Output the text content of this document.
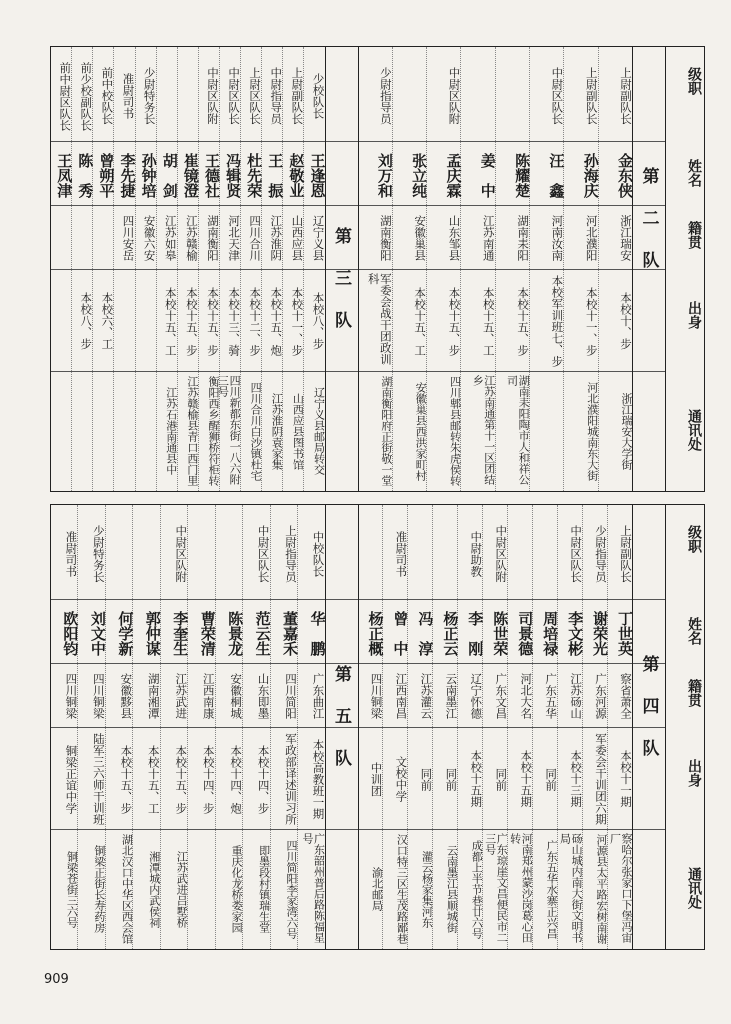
级职
姓名
籍贯
出身
通讯处
第　二　队
上尉副队长
金东侠
浙江瑞安
本校十、步
浙江瑞安大学街
上尉副队长
孙海庆
河北濮阳
本校十一、步
河北濮阳城南东大街
中尉区队长
汪　鑫
河南汝南
本校军训班七、步
陈耀楚
湖南耒阳
本校十五、步
湖南耒阳陶市人和祥公司
姜　中
江苏南通
本校十五、工
江苏南通第十一区团结乡
中尉区队附
孟庆霖
山东邹县
本校十五、步
四川郫县邮转朱虎侯转
张立纯
安徽巢县
本校十五、工
安徽巢县西洪家町村
少尉指导员
刘万和
湖南衡阳
军委会战干团政训科
湖南衡阳府正街敬一堂
第　三　队
少校队长
王逢恩
辽宁义县
本校八、步
辽宁义县邮局转交
上尉副队长
赵敬业
山西应县
本校十一、步
山西应县图书馆
中尉指导员
王　振
江苏淮阴
本校十五、炮
江苏淮阴袁家集
上尉区队长
杜先荣
四川合川
本校十二、步
四川合川白沙镇杜宅
中尉区队长
冯辑贤
河北天津
本校十三、骑
四川新都东街一八六附三号
中尉区队附
王德社
湖南衡阳
本校十五、步
衡阳西乡醒狮桥符柜转
崔镜澄
江苏赣榆
本校十五、步
江苏赣榆县青口西门里
胡　剑
江苏如皋
本校十五、工
江苏石港南通县中
少尉特务长
孙钟培
安徽六安
准尉司书
李先捷
四川安岳
前中校队长
曾朔平
本校六、工
前少校副队长
陈　秀
本校八、步
前中尉区队长
王凤津
级职
姓名
籍贯
出身
通讯处
第　四　队
上尉副队长
丁世英
察省萧全
本校十一期
察哈尔张家口下堡冯宙厂
少尉指导员
谢荣光
广东河源
军委会干训团六期
河源县太平路宏树南谢
中尉区队长
李文彬
江苏砀山
本校十三期
砀山城内南大街文明书局
周培禄
广东五华
同前
广东五华水寨正兴昌
司景德
河北大名
本校十五期
河南郑州蒙沙岗葛心田转
中尉区队附
陈世荣
广东文昌
同前
广东琼崖文昌便民市二三号
中尉助教
李　刚
辽宁怀德
本校十五期
成都上半节巷廿六号
杨正云
云南墨江
同前
云南墨江县顺城街
冯　淳
江苏灌云
同前
灌云杨家集河东
准尉司书
曾　中
江西南昌
文校中学
汉口特三区生茂路鄙巷
杨正概
四川铜梁
中训团
渝北邮局
第　五　队
中校队长
华　鹏
广东曲江
本校高教班一期
广东韶州普后路陈福星号
上尉指导员
董嘉禾
四川简阳
军政部译述训习所
四川简阳李家湾六号
中尉区队长
范云生
山东即墨
本校十四、步
即墨段村镇瑞生堂
陈景龙
安徽桐城
本校十四、炮
重庆化龙桥娄家园
曹荣清
江西南康
本校十四、步
中尉区队附
李奎生
江苏武进
本校十五、步
江苏武进吕墅桥
郭仲谋
湖南湘潭
本校十五、工
湘潭城内武侯祠
何学新
安徽黟县
本校十五、步
湖北汉口中华区西会馆
少尉特务长
刘文中
四川铜梁
陆军三六师干训班
铜梁正街长寿药房
准尉司书
欧阳钧
四川铜梁
铜梁正谊中学
铜梁苍街三六号
909
